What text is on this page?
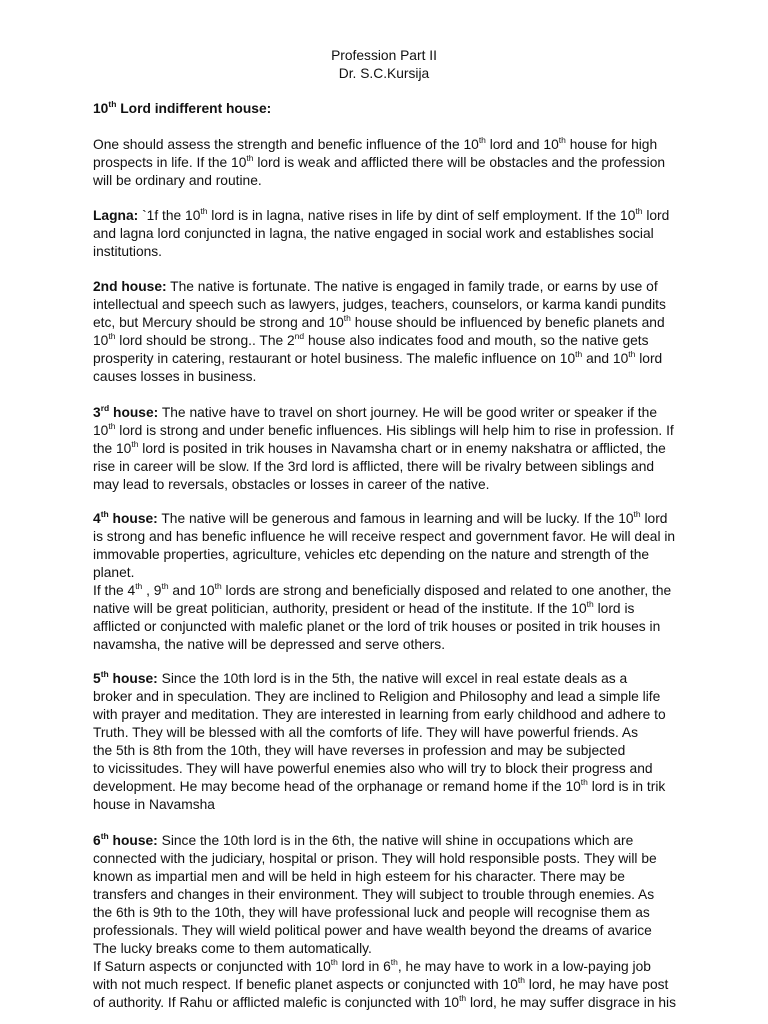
Profession Part II
Dr. S.C.Kursija
10th Lord indifferent house:
One should assess the strength and benefic influence of the 10th lord and 10th house for high
prospects in life. If the 10th lord is weak and afflicted there will be obstacles and the profession
will be ordinary and routine.
Lagna: `1f the 10th lord is in lagna, native rises in life by dint of self employment. If the 10th lord
and lagna lord conjuncted in lagna, the native engaged in social work and establishes social
institutions.
2nd house: The native is fortunate. The native is engaged in family trade, or earns by use of
intellectual and speech such as lawyers, judges, teachers, counselors, or karma kandi pundits
etc, but Mercury should be strong and 10th house should be influenced by benefic planets and
10th lord should be strong.. The 2nd house also indicates food and mouth, so the native gets
prosperity in catering, restaurant or hotel business. The malefic influence on 10th and 10th lord
causes losses in business.
3rd house: The native have to travel on short journey. He will be good writer or speaker if the
10th lord is strong and under benefic influences. His siblings will help him to rise in profession. If
the 10th lord is posited in trik houses in Navamsha chart or in enemy nakshatra or afflicted, the
rise in career will be slow. If the 3rd lord is afflicted, there will be rivalry between siblings and
may lead to reversals, obstacles or losses in career of the native.
4th house: The native will be generous and famous in learning and will be lucky. If the 10th lord
is strong and has benefic influence he will receive respect and government favor. He will deal in
immovable properties, agriculture, vehicles etc depending on the nature and strength of the
planet.
If the 4th , 9th and 10th lords are strong and beneficially disposed and related to one another, the
native will be great politician, authority, president or head of the institute. If the 10th lord is
afflicted or conjuncted with malefic planet or the lord of trik houses or posited in trik houses in
navamsha, the native will be depressed and serve others.
5th house: Since the 10th lord is in the 5th, the native will excel in real estate deals as a
broker and in speculation. They are inclined to Religion and Philosophy and lead a simple life
with prayer and meditation. They are interested in learning from early childhood and adhere to
Truth. They will be blessed with all the comforts of life. They will have powerful friends. As
the 5th is 8th from the 10th, they will have reverses in profession and may be subjected
to vicissitudes. They will have powerful enemies also who will try to block their progress and
development. He may become head of the orphanage or remand home if the 10th lord is in trik
house in Navamsha
6th house: Since the 10th lord is in the 6th, the native will shine in occupations which are
connected with the judiciary, hospital or prison. They will hold responsible posts. They will be
known as impartial men and will be held in high esteem for his character. There may be
transfers and changes in their environment. They will subject to trouble through enemies. As
the 6th is 9th to the 10th, they will have professional luck and people will recognise them as
professionals. They will wield political power and have wealth beyond the dreams of avarice
The lucky breaks come to them automatically.
If Saturn aspects or conjuncted with 10th lord in 6th, he may have to work in a low-paying job
with not much respect. If benefic planet aspects or conjuncted with 10th lord, he may have post
of authority. If Rahu or afflicted malefic is conjuncted with 10th lord, he may suffer disgrace in his
